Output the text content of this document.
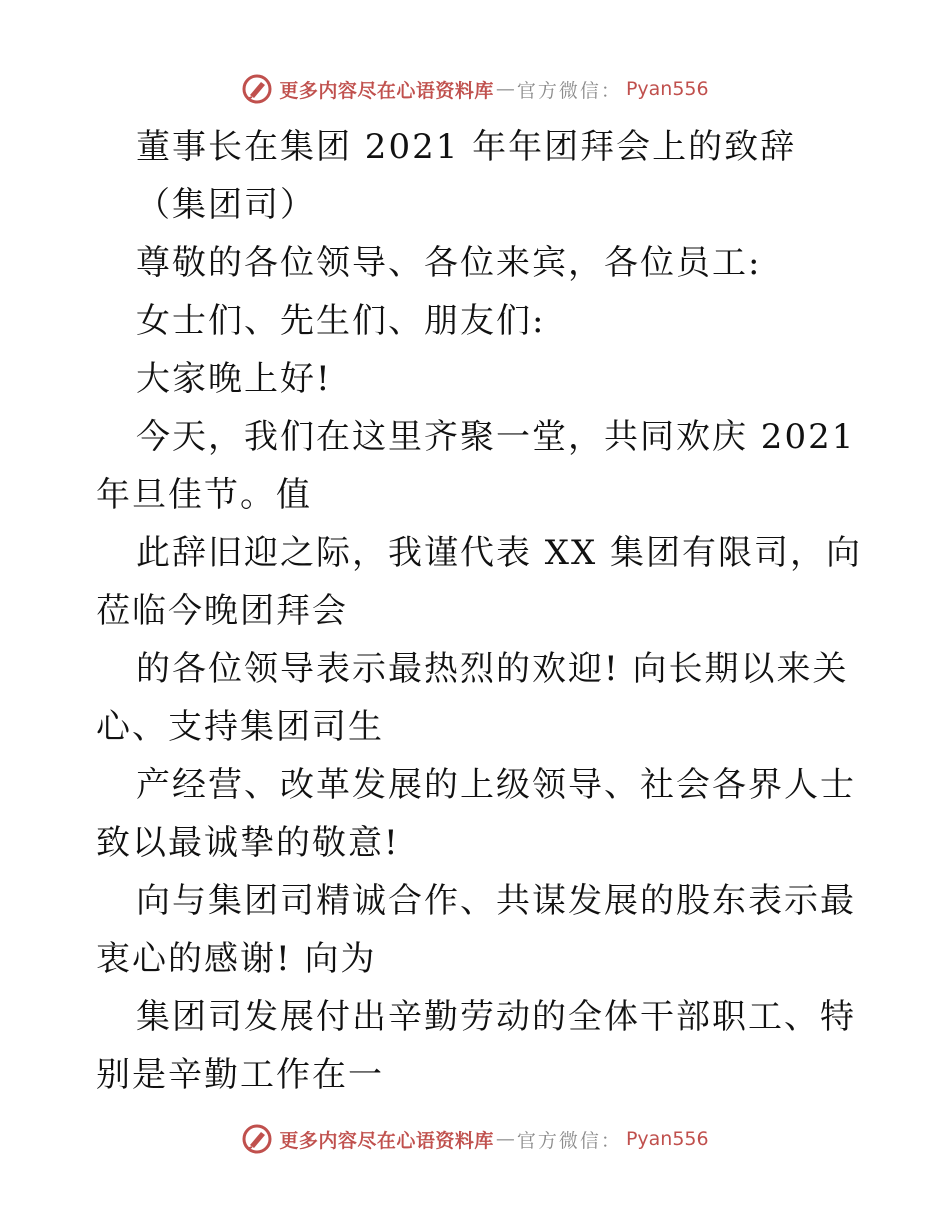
更多内容尽在心语资料库 — 官方微信： Pyan556

董事长在集团 2021 年年团拜会上的致辞

（集团司）

尊敬的各位领导、各位来宾，各位员工:

女士们、先生们、朋友们:

大家晚上好!

今天，我们在这里齐聚一堂，共同欢庆 2021 年旦佳节。值

此辞旧迎之际，我谨代表 XX 集团有限司，向莅临今晚团拜会

的各位领导表示最热烈的欢迎! 向长期以来关心、支持集团司生

产经营、改革发展的上级领导、社会各界人士致以最诚挚的敬意!

向与集团司精诚合作、共谋发展的股东表示最衷心的感谢! 向为

集团司发展付出辛勤劳动的全体干部职工、特别是辛勤工作在一

更多内容尽在心语资料库 — 官方微信： Pyan556
